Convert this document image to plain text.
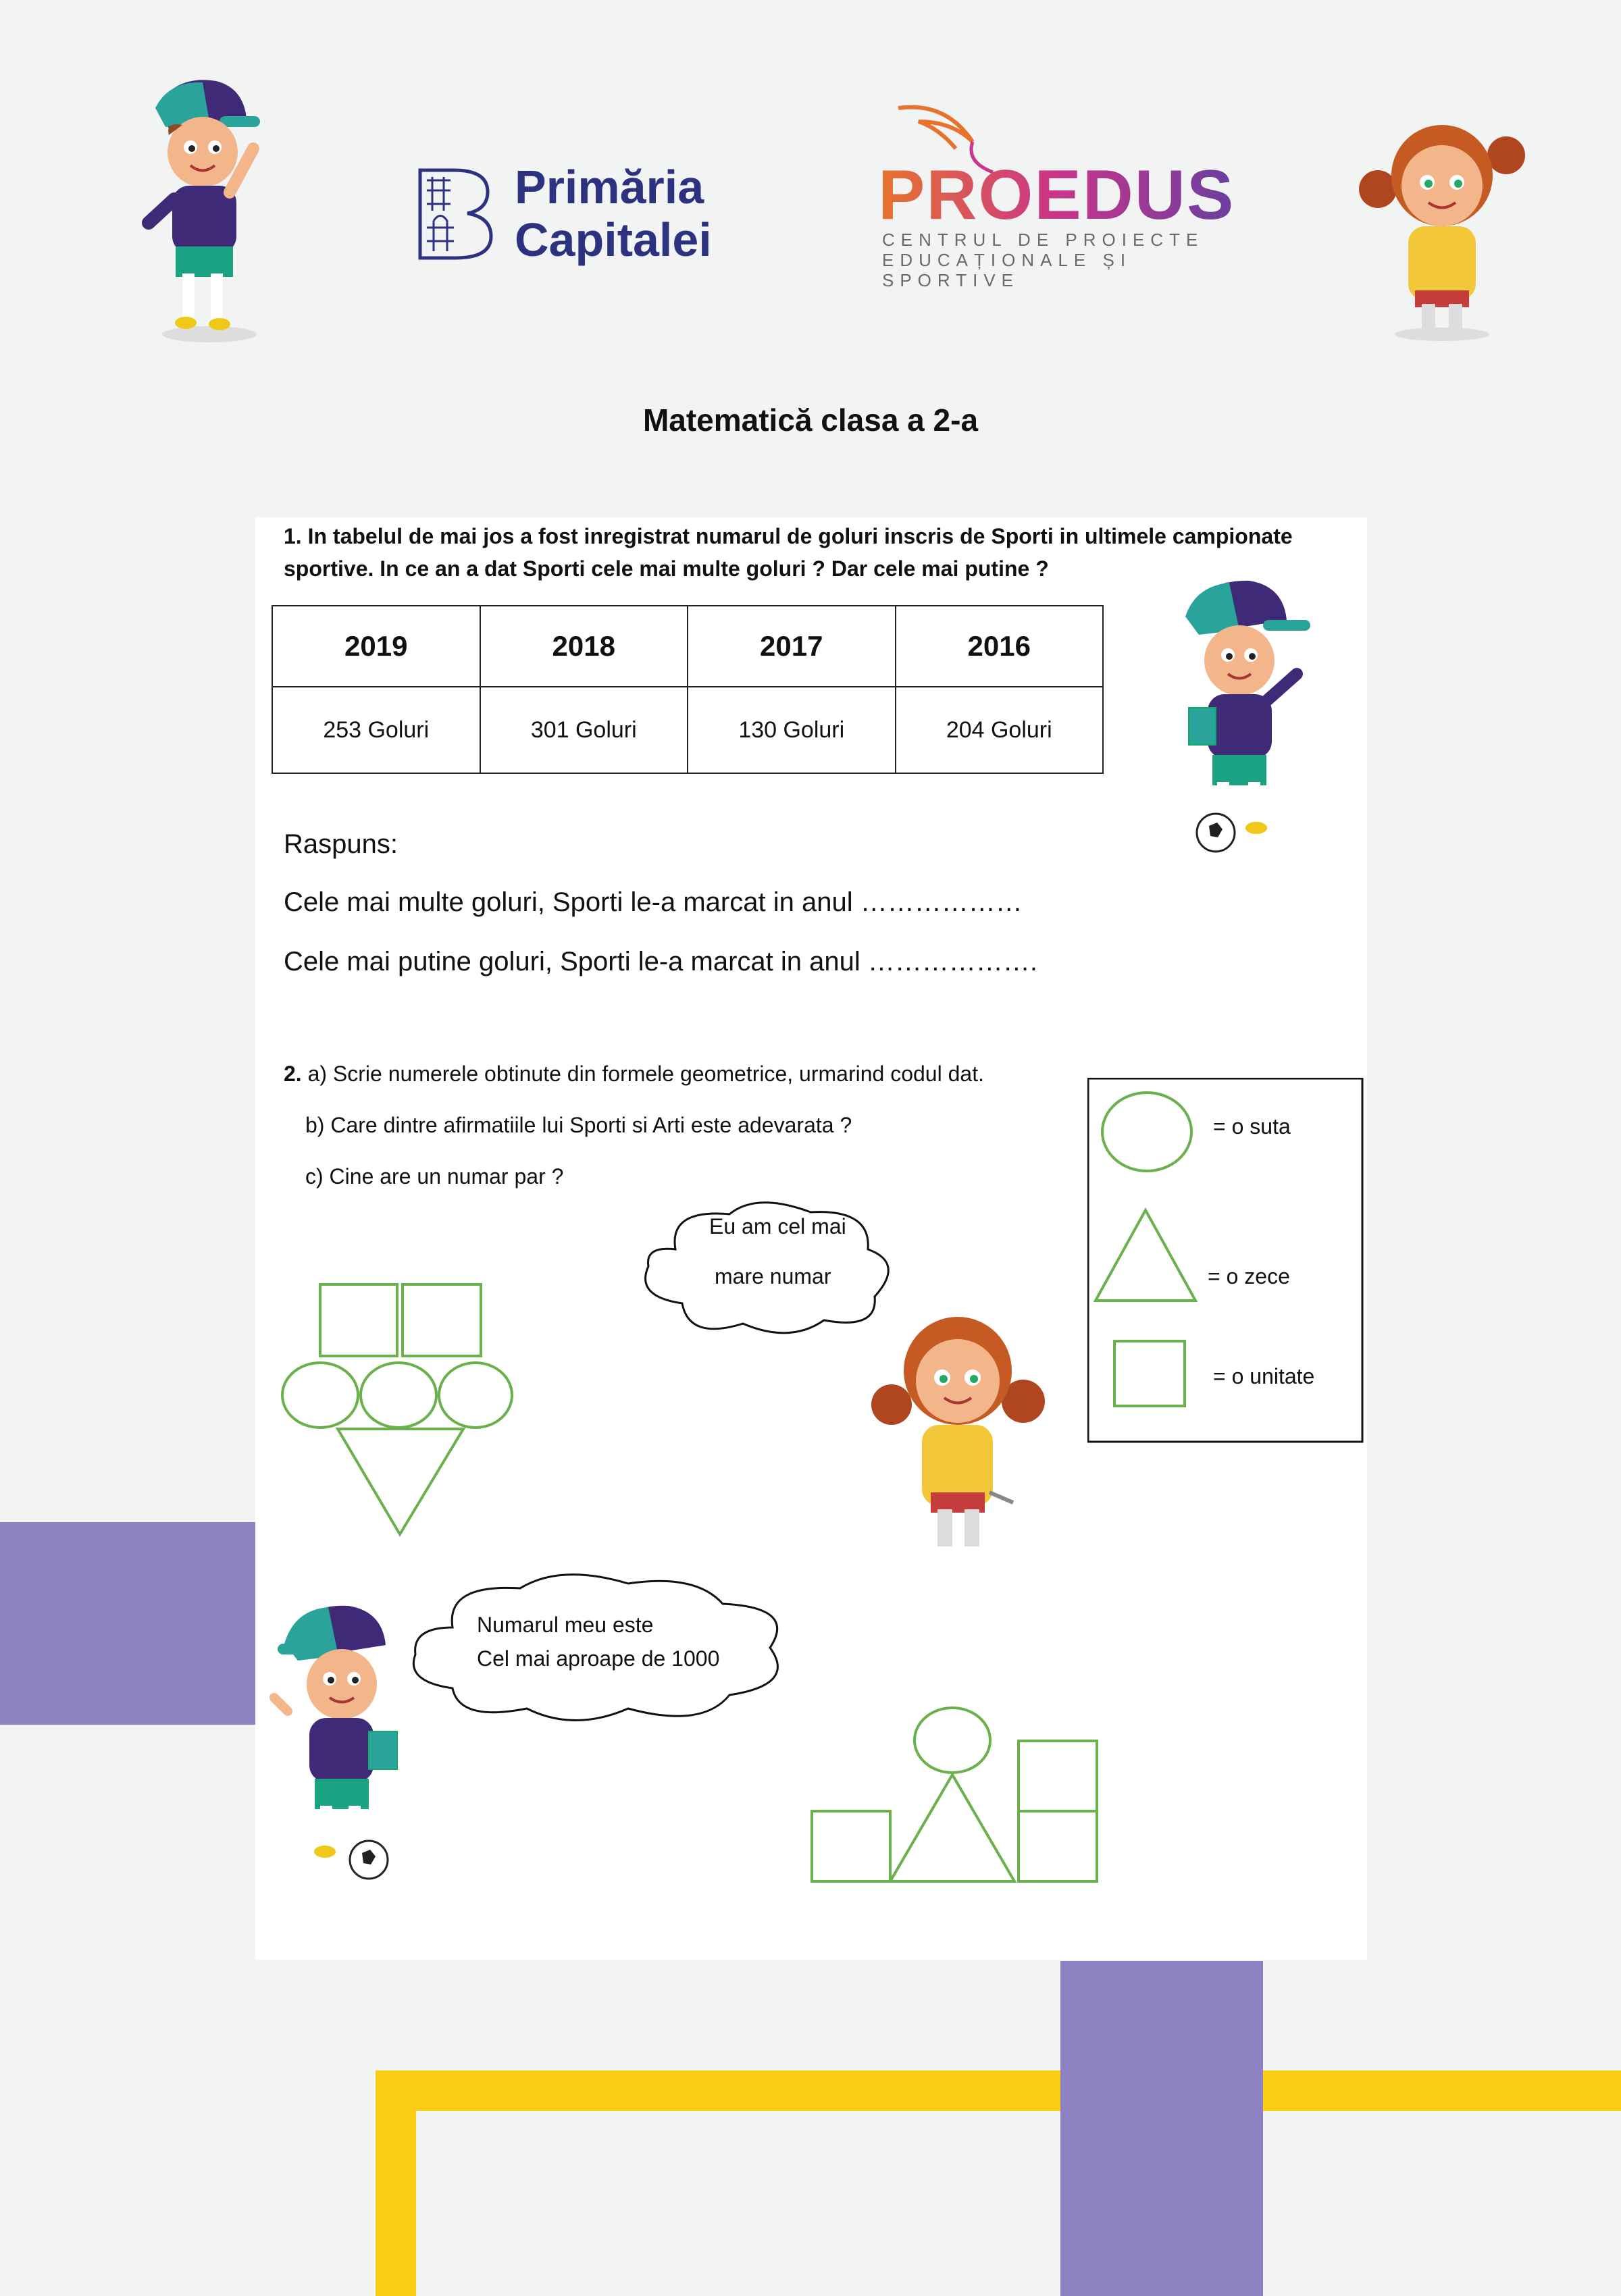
Primăria
Capitalei
PROEDUS
CENTRUL DE PROIECTE
EDUCAȚIONALE ȘI SPORTIVE
Matematică clasa a 2-a
1. In tabelul de mai jos a fost inregistrat numarul de goluri inscris de Sporti in ultimele campionate sportive. In ce an a dat Sporti cele mai multe goluri ? Dar cele mai putine ?
2019	2018	2017	2016
253 Goluri	301 Goluri	130 Goluri	204 Goluri
Raspuns:
Cele mai multe goluri, Sporti le-a marcat in anul ………………
Cele mai putine goluri, Sporti le-a marcat in anul ……………….
2. a) Scrie numerele obtinute din formele geometrice, urmarind codul dat.
b) Care dintre afirmatiile lui Sporti si Arti este adevarata ?
c) Cine are un numar par ?
= o suta
= o zece
= o unitate
Eu am cel mai
mare numar
Numarul meu este
Cel mai aproape de 1000
